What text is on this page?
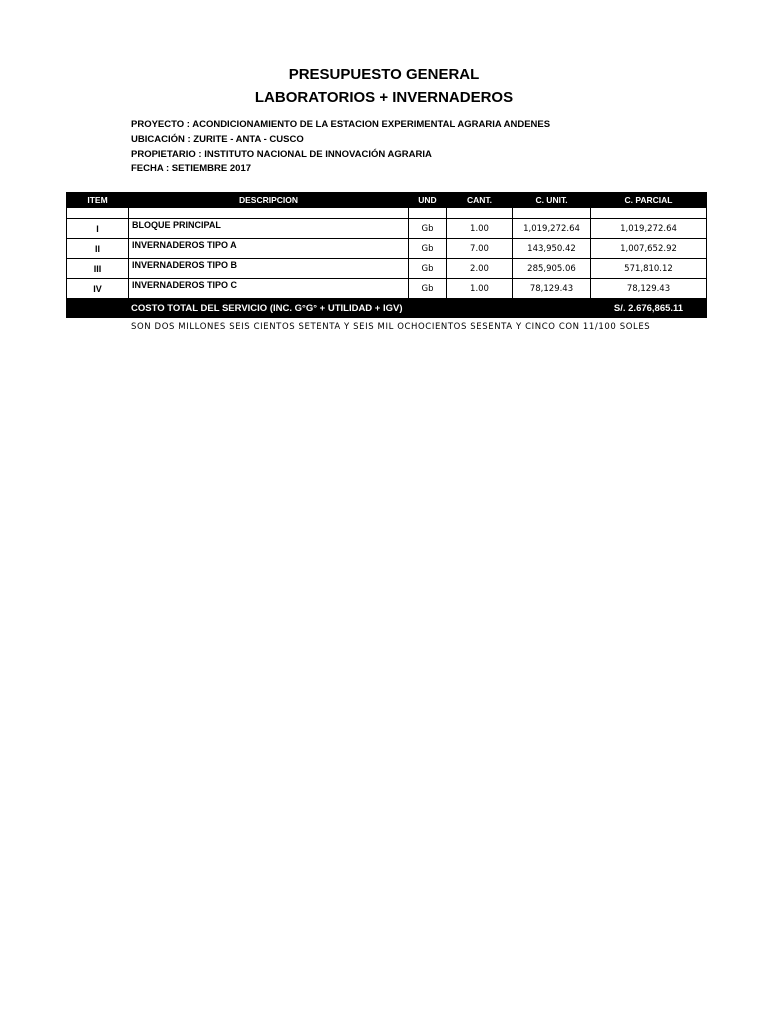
PRESUPUESTO GENERAL
LABORATORIOS + INVERNADEROS
PROYECTO : ACONDICIONAMIENTO DE LA ESTACION EXPERIMENTAL AGRARIA ANDENES
UBICACIÓN : ZURITE - ANTA - CUSCO
PROPIETARIO : INSTITUTO NACIONAL DE INNOVACIÓN AGRARIA
FECHA : SETIEMBRE 2017
ITEM	DESCRIPCION	UND	CANT.	C. UNIT.	C. PARCIAL

I	BLOQUE PRINCIPAL	Gb	1.00	1,019,272.64	1,019,272.64
II	INVERNADEROS TIPO A	Gb	7.00	143,950.42	1,007,652.92
III	INVERNADEROS TIPO B	Gb	2.00	285,905.06	571,810.12
IV	INVERNADEROS TIPO C	Gb	1.00	78,129.43	78,129.43
COSTO TOTAL DEL SERVICIO (INC. G°G° + UTILIDAD + IGV)					S/. 2.676,865.11
SON DOS MILLONES SEIS CIENTOS SETENTA Y SEIS MIL OCHOCIENTOS SESENTA Y CINCO CON 11/100 SOLES
